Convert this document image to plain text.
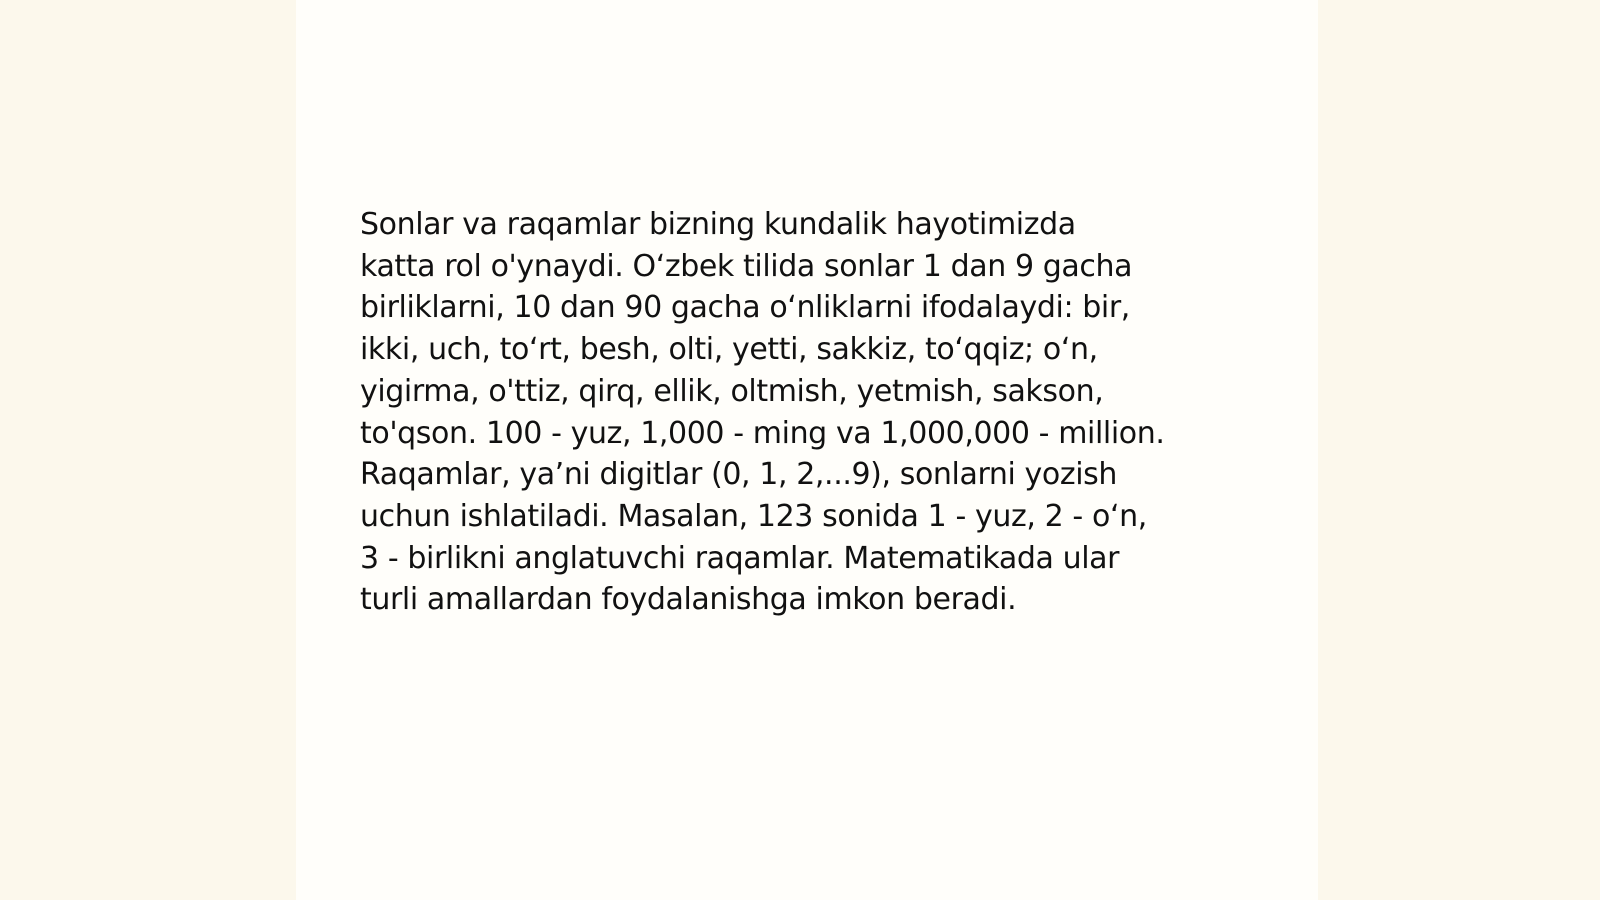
Sonlar va raqamlar bizning kundalik hayotimizda
katta rol o'ynaydi. O‘zbek tilida sonlar 1 dan 9 gacha
birliklarni, 10 dan 90 gacha o‘nliklarni ifodalaydi: bir,
ikki, uch, to‘rt, besh, olti, yetti, sakkiz, to‘qqiz; o‘n,
yigirma, o'ttiz, qirq, ellik, oltmish, yetmish, sakson,
to'qson. 100 - yuz, 1,000 - ming va 1,000,000 - million.
Raqamlar, ya’ni digitlar (0, 1, 2,...9), sonlarni yozish
uchun ishlatiladi. Masalan, 123 sonida 1 - yuz, 2 - o‘n,
3 - birlikni anglatuvchi raqamlar. Matematikada ular
turli amallardan foydalanishga imkon beradi.
